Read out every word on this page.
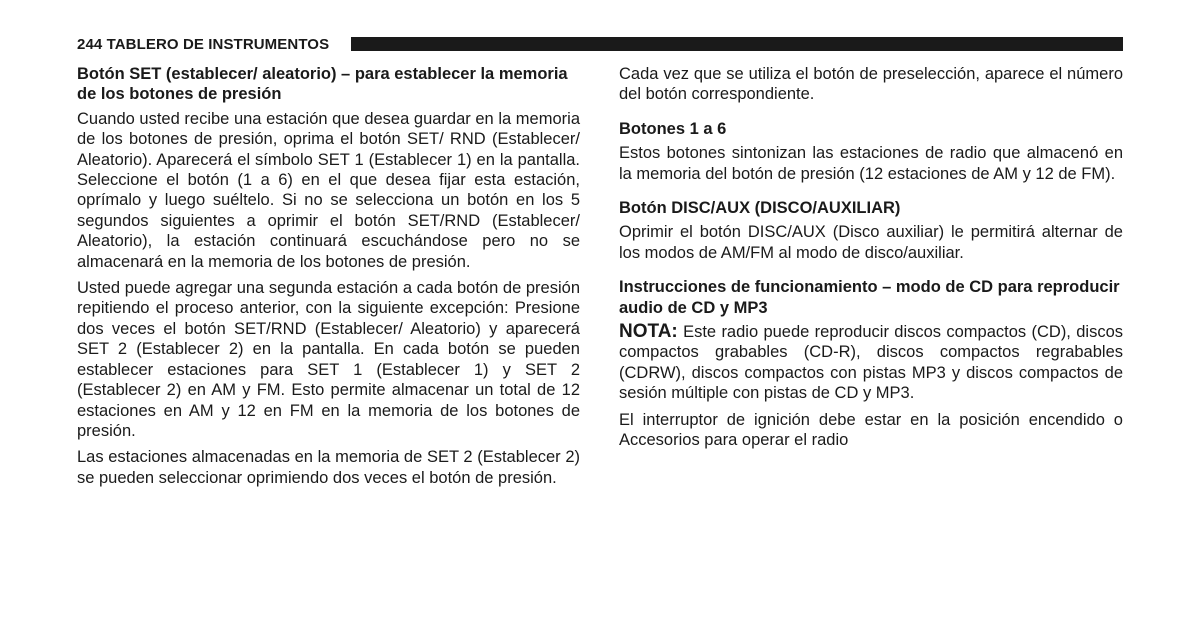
244 TABLERO DE INSTRUMENTOS
Botón SET (establecer/ aleatorio) – para establecer la memoria de los botones de presión

Cuando usted recibe una estación que desea guardar en la memoria de los botones de presión, oprima el botón SET/ RND (Establecer/ Aleatorio). Aparecerá el símbolo SET 1 (Establecer 1) en la pantalla. Seleccione el botón (1 a 6) en el que desea fijar esta estación, oprímalo y luego suéltelo. Si no se selecciona un botón en los 5 segundos siguientes a oprimir el botón SET/RND (Establecer/ Aleatorio), la estación continuará escuchándose pero no se almacenará en la memoria de los botones de presión.

Usted puede agregar una segunda estación a cada botón de presión repitiendo el proceso anterior, con la siguiente excepción: Presione dos veces el botón SET/RND (Establecer/ Aleatorio) y aparecerá SET 2 (Establecer 2) en la pantalla. En cada botón se pueden establecer estaciones para SET 1 (Establecer 1) y SET 2 (Establecer 2) en AM y FM. Esto permite almacenar un total de 12 estaciones en AM y 12 en FM en la memoria de los botones de presión.

Las estaciones almacenadas en la memoria de SET 2 (Establecer 2) se pueden seleccionar oprimiendo dos veces el botón de presión.

Cada vez que se utiliza el botón de preselección, aparece el número del botón correspondiente.

Botones 1 a 6

Estos botones sintonizan las estaciones de radio que almacenó en la memoria del botón de presión (12 estaciones de AM y 12 de FM).

Botón DISC/AUX (DISCO/AUXILIAR)

Oprimir el botón DISC/AUX (Disco auxiliar) le permitirá alternar de los modos de AM/FM al modo de disco/auxiliar.

Instrucciones de funcionamiento – modo de CD para reproducir audio de CD y MP3

NOTA: Este radio puede reproducir discos compactos (CD), discos compactos grabables (CD-R), discos compactos regrabables (CDRW), discos compactos con pistas MP3 y discos compactos de sesión múltiple con pistas de CD y MP3.

El interruptor de ignición debe estar en la posición encendido o Accesorios para operar el radio
